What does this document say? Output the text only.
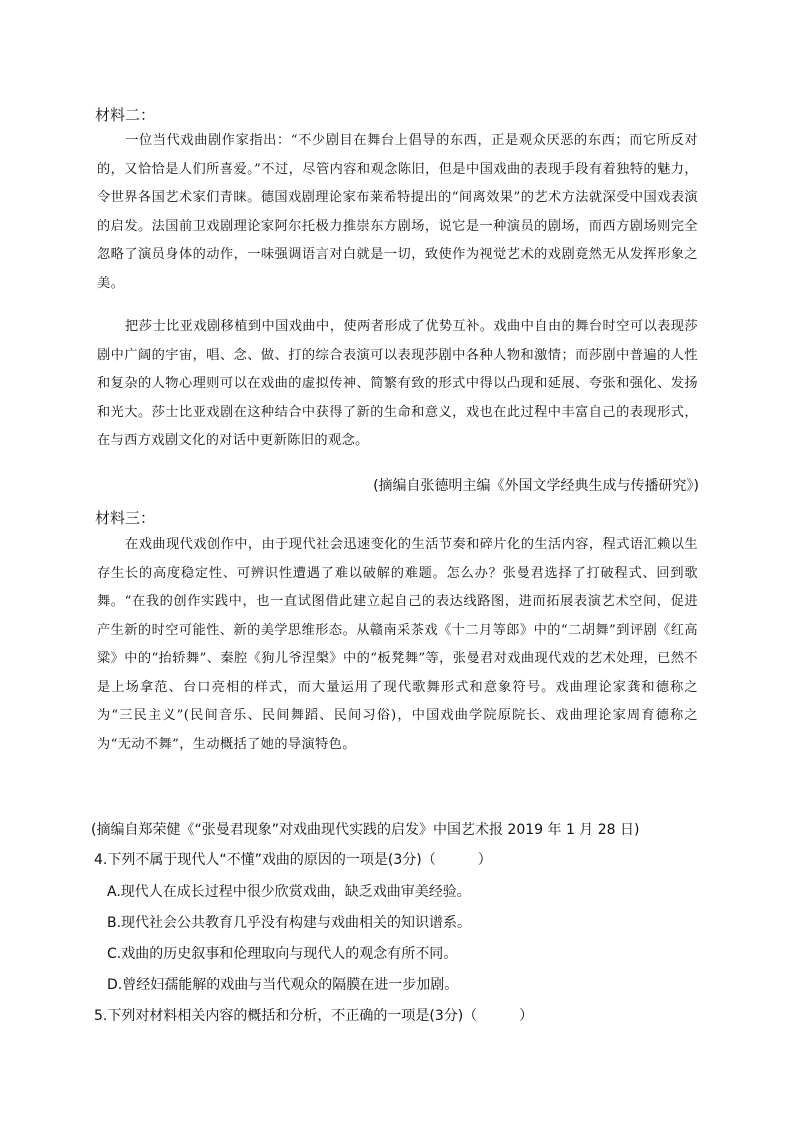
材料二：
一位当代戏曲剧作家指出：“不少剧目在舞台上倡导的东西，正是观众厌恶的东西；而它所反对的，又恰恰是人们所喜爱。”不过，尽管内容和观念陈旧，但是中国戏曲的表现手段有着独特的魅力，令世界各国艺术家们青睐。德国戏剧理论家布莱希特提出的“间离效果”的艺术方法就深受中国戏表演的启发。法国前卫戏剧理论家阿尔托极力推崇东方剧场，说它是一种演员的剧场，而西方剧场则完全忽略了演员身体的动作，一味强调语言对白就是一切，致使作为视觉艺术的戏剧竟然无从发挥形象之美。
把莎士比亚戏剧移植到中国戏曲中，使两者形成了优势互补。戏曲中自由的舞台时空可以表现莎剧中广阔的宇宙，唱、念、做、打的综合表演可以表现莎剧中各种人物和激情；而莎剧中普遍的人性和复杂的人物心理则可以在戏曲的虚拟传神、简繁有致的形式中得以凸现和延展、夸张和强化、发扬和光大。莎士比亚戏剧在这种结合中获得了新的生命和意义，戏也在此过程中丰富自己的表现形式，在与西方戏剧文化的对话中更新陈旧的观念。
(摘编自张德明主编《外国文学经典生成与传播研究》)
材料三：
在戏曲现代戏创作中，由于现代社会迅速变化的生活节奏和碎片化的生活内容，程式语汇赖以生存生长的高度稳定性、可辨识性遭遇了难以破解的难题。怎么办？张曼君选择了打破程式、回到歌舞。“在我的创作实践中，也一直试图借此建立起自己的表达线路图，进而拓展表演艺术空间，促进产生新的时空可能性、新的美学思维形态。从赣南采茶戏《十二月等郎》中的“二胡舞”到评剧《红高粱》中的“抬轿舞”、秦腔《狗儿爷涅槃》中的“板凳舞”等，张曼君对戏曲现代戏的艺术处理，已然不是上场拿范、台口亮相的样式，而大量运用了现代歌舞形式和意象符号。戏曲理论家龚和德称之为“三民主义”(民间音乐、民间舞蹈、民间习俗)，中国戏曲学院原院长、戏曲理论家周育德称之为“无动不舞”，生动概括了她的导演特色。
(摘编自郑荣健《“张曼君现象”对戏曲现代实践的启发》中国艺术报 2019 年 1 月 28 日)
4.下列不属于现代人“不懂”戏曲的原因的一项是(3分)（　　　）
A.现代人在成长过程中很少欣赏戏曲，缺乏戏曲审美经验。
B.现代社会公共教育几乎没有构建与戏曲相关的知识谱系。
C.戏曲的历史叙事和伦理取向与现代人的观念有所不同。
D.曾经妇孺能解的戏曲与当代观众的隔膜在进一步加剧。
5.下列对材料相关内容的概括和分析，不正确的一项是(3分)（　　　）
